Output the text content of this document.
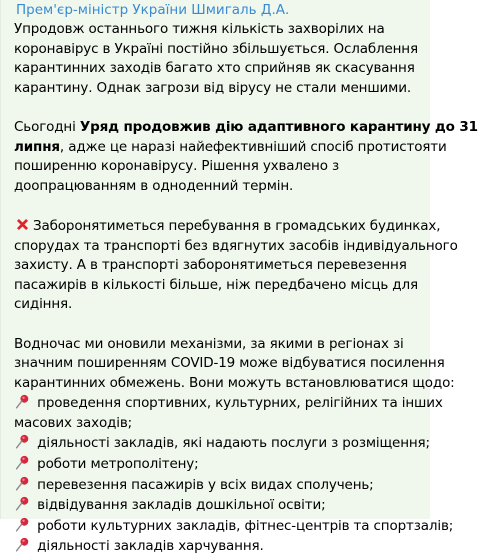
Прем'єр-міністр України Шмигаль Д.А.
Упродовж останнього тижня кількість захворілих на
коронавірус в Україні постійно збільшується. Ослаблення
карантинних заходів багато хто сприйняв як скасування
карантину. Однак загрози від вірусу не стали меншими.
Сьогодні Уряд продовжив дію адаптивного карантину до 31
липня, адже це наразі найефективніший спосіб протистояти
поширенню коронавірусу. Рішення ухвалено з
доопрацюванням в одноденний термін.
Заборонятиметься перебування в громадських будинках,
спорудах та транспорті без вдягнутих засобів індивідуального
захисту. А в транспорті заборонятиметься перевезення
пасажирів в кількості більше, ніж передбачено місць для
сидіння.
Водночас ми оновили механізми, за якими в регіонах зі
значним поширенням COVID-19 може відбуватися посилення
карантинних обмежень. Вони можуть встановлюватися щодо:
проведення спортивних, культурних, релігійних та інших
масових заходів;
діяльності закладів, які надають послуги з розміщення;
роботи метрополітену;
перевезення пасажирів у всіх видах сполучень;
відвідування закладів дошкільної освіти;
роботи культурних закладів, фітнес-центрів та спортзалів;
діяльності закладів харчування.
